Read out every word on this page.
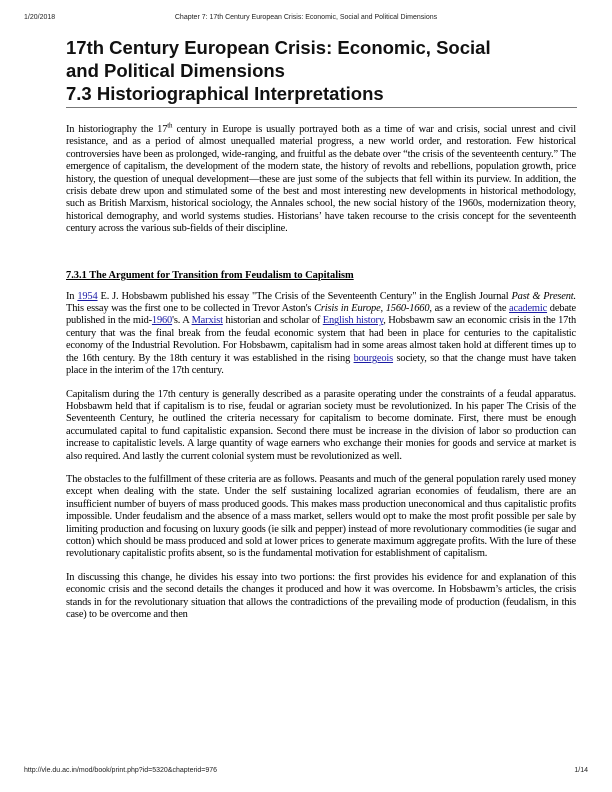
1/20/2018	Chapter 7: 17th Century European Crisis: Economic, Social and Political Dimensions
17th Century European Crisis: Economic, Social
and Political Dimensions
7.3 Historiographical Interpretations

In historiography the 17th century in Europe is usually portrayed both as a time of war and crisis, social unrest and civil resistance, and as a period of almost unequalled material progress, a new world order, and restoration. Few historical controversies have been as prolonged, wide-ranging, and fruitful as the debate over “the crisis of the seventeenth century.” The emergence of capitalism, the development of the modern state, the history of revolts and rebellions, population growth, price history, the question of unequal development—these are just some of the subjects that fell within its purview. In addition, the crisis debate drew upon and stimulated some of the best and most interesting new developments in historical methodology, such as British Marxism, historical sociology, the Annales school, the new social history of the 1960s, modernization theory, historical demography, and world systems studies. Historians’ have taken recourse to the crisis concept for the seventeenth century across the various sub-fields of their discipline.

7.3.1 The Argument for Transition from Feudalism to Capitalism

In 1954 E. J. Hobsbawm published his essay "The Crisis of the Seventeenth Century" in the English Journal Past & Present. This essay was the first one to be collected in Trevor Aston's Crisis in Europe, 1560-1660, as a review of the academic debate published in the mid-1960's. A Marxist historian and scholar of English history, Hobsbawm saw an economic crisis in the 17th century that was the final break from the feudal economic system that had been in place for centuries to the capitalistic economy of the Industrial Revolution. For Hobsbawm, capitalism had in some areas almost taken hold at different times up to the 16th century. By the 18th century it was established in the rising bourgeois society, so that the change must have taken place in the interim of the 17th century.

Capitalism during the 17th century is generally described as a parasite operating under the constraints of a feudal apparatus. Hobsbawm held that if capitalism is to rise, feudal or agrarian society must be revolutionized. In his paper The Crisis of the Seventeenth Century, he outlined the criteria necessary for capitalism to become dominate. First, there must be enough accumulated capital to fund capitalistic expansion. Second there must be increase in the division of labor so production can increase to capitalistic levels. A large quantity of wage earners who exchange their monies for goods and service at market is also required. And lastly the current colonial system must be revolutionized as well.

The obstacles to the fulfillment of these criteria are as follows. Peasants and much of the general population rarely used money except when dealing with the state. Under the self sustaining localized agrarian economies of feudalism, there are an insufficient number of buyers of mass produced goods. This makes mass production uneconomical and thus capitalistic profits impossible. Under feudalism and the absence of a mass market, sellers would opt to make the most profit possible per sale by limiting production and focusing on luxury goods (ie silk and pepper) instead of more revolutionary commodities (ie sugar and cotton) which should be mass produced and sold at lower prices to generate maximum aggregate profits. With the lure of these revolutionary capitalistic profits absent, so is the fundamental motivation for establishment of capitalism.

In discussing this change, he divides his essay into two portions: the first provides his evidence for and explanation of this economic crisis and the second details the changes it produced and how it was overcome. In Hobsbawm’s articles, the crisis stands in for the revolutionary situation that allows the contradictions of the prevailing mode of production (feudalism, in this case) to be overcome and then

http://vle.du.ac.in/mod/book/print.php?id=5320&chapterid=976	1/14
